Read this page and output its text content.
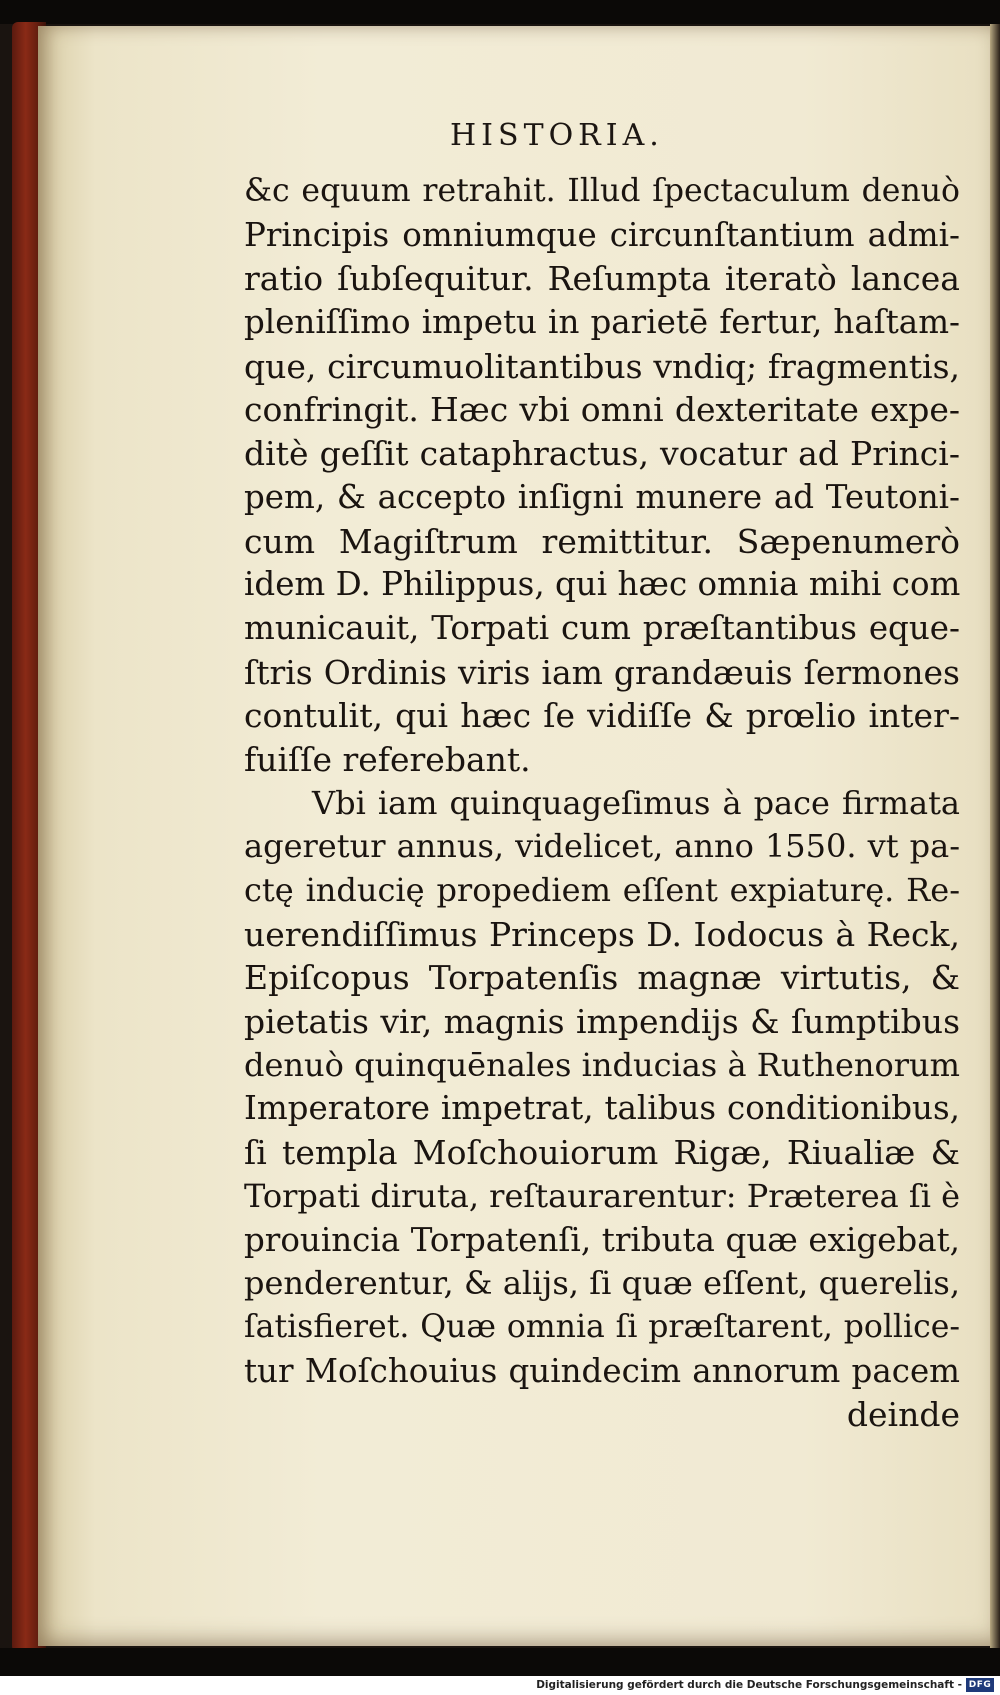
HISTORIA.
&c equum retrahit. Illud ſpectaculum denuò
Principis omniumque circunſtantium admi-
ratio ſubſequitur. Reſumpta iteratò lancea
pleniſſimo impetu in parietē fertur, haſtam-
que, circumuolitantibus vndiq; fragmentis,
confringit. Hæc vbi omni dexteritate expe-
ditè geſſit cataphractus, vocatur ad Princi-
pem, & accepto inſigni munere ad Teutoni-
cum Magiſtrum remittitur. Sæpenumerò
idem D. Philippus, qui hæc omnia mihi com
municauit, Torpati cum præſtantibus eque-
ſtris Ordinis viris iam grandæuis ſermones
contulit, qui hæc ſe vidiſſe & prœlio inter-
fuiſſe referebant.
Vbi iam quinquageſimus à pace firmata
ageretur annus, videlicet, anno 1550. vt pa-
ctę inducię propediem eſſent expiaturę. Re-
uerendiſſimus Princeps D. Iodocus à Reck,
Epiſcopus Torpatenſis magnæ virtutis, &
pietatis vir, magnis impendijs & ſumptibus
denuò quinquēnales inducias à Ruthenorum
Imperatore impetrat, talibus conditionibus,
ſi templa Moſchouiorum Rigæ, Riualiæ &
Torpati diruta, reſtaurarentur: Præterea ſi è
prouincia Torpatenſi, tributa quæ exigebat,
penderentur, & alijs, ſi quæ eſſent, querelis,
ſatisfieret. Quæ omnia ſi præſtarent, pollice-
tur Moſchouius quindecim annorum pacem
deinde
Digitalisierung gefördert durch die Deutsche Forschungsgemeinschaft - DFG
